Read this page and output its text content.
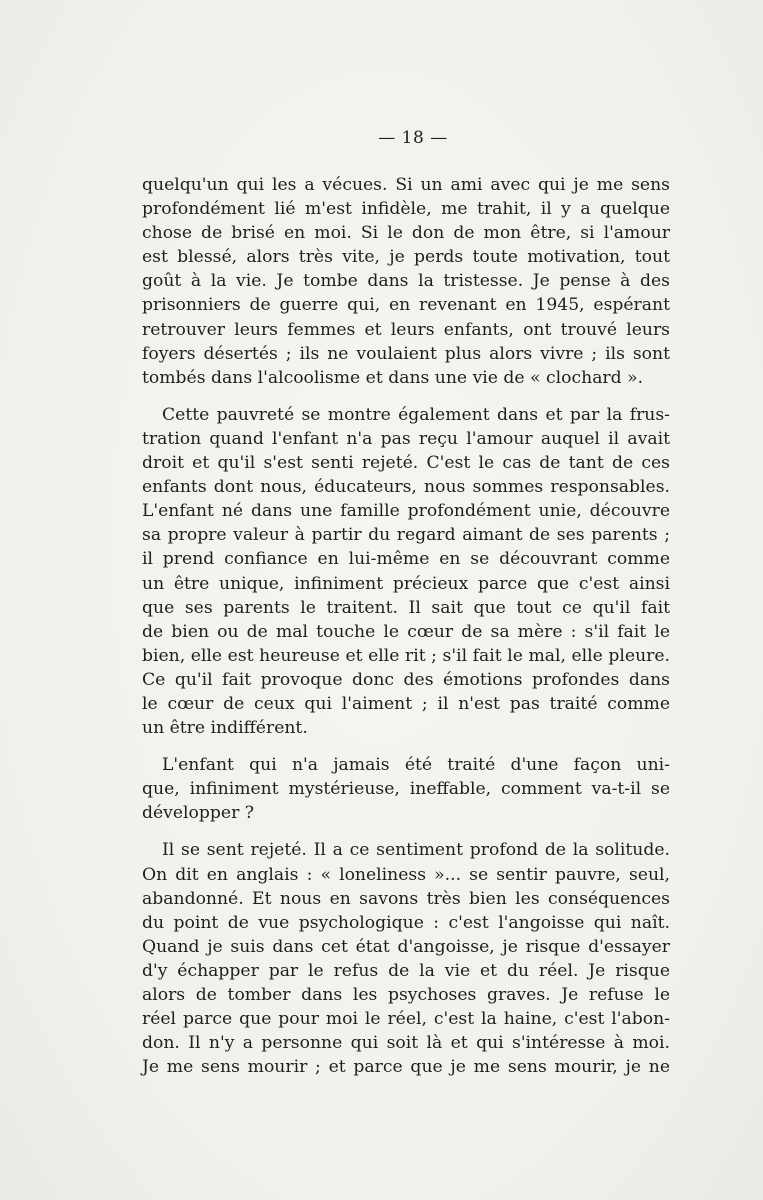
— 18 —

quelqu'un qui les a vécues. Si un ami avec qui je me sens
profondément lié m'est infidèle, me trahit, il y a quelque
chose de brisé en moi. Si le don de mon être, si l'amour
est blessé, alors très vite, je perds toute motivation, tout
goût à la vie. Je tombe dans la tristesse. Je pense à des
prisonniers de guerre qui, en revenant en 1945, espérant
retrouver leurs femmes et leurs enfants, ont trouvé leurs
foyers désertés ; ils ne voulaient plus alors vivre ; ils sont
tombés dans l'alcoolisme et dans une vie de « clochard ».

Cette pauvreté se montre également dans et par la frus-
tration quand l'enfant n'a pas reçu l'amour auquel il avait
droit et qu'il s'est senti rejeté. C'est le cas de tant de ces
enfants dont nous, éducateurs, nous sommes responsables.
L'enfant né dans une famille profondément unie, découvre
sa propre valeur à partir du regard aimant de ses parents ;
il prend confiance en lui-même en se découvrant comme
un être unique, infiniment précieux parce que c'est ainsi
que ses parents le traitent. Il sait que tout ce qu'il fait
de bien ou de mal touche le cœur de sa mère : s'il fait le
bien, elle est heureuse et elle rit ; s'il fait le mal, elle pleure.
Ce qu'il fait provoque donc des émotions profondes dans
le cœur de ceux qui l'aiment ; il n'est pas traité comme
un être indifférent.

L'enfant qui n'a jamais été traité d'une façon uni-
que, infiniment mystérieuse, ineffable, comment va-t-il se
développer ?

Il se sent rejeté. Il a ce sentiment profond de la solitude.
On dit en anglais : « loneliness »... se sentir pauvre, seul,
abandonné. Et nous en savons très bien les conséquences
du point de vue psychologique : c'est l'angoisse qui naît.
Quand je suis dans cet état d'angoisse, je risque d'essayer
d'y échapper par le refus de la vie et du réel. Je risque
alors de tomber dans les psychoses graves. Je refuse le
réel parce que pour moi le réel, c'est la haine, c'est l'abon-
don. Il n'y a personne qui soit là et qui s'intéresse à moi.
Je me sens mourir ; et parce que je me sens mourir, je ne
